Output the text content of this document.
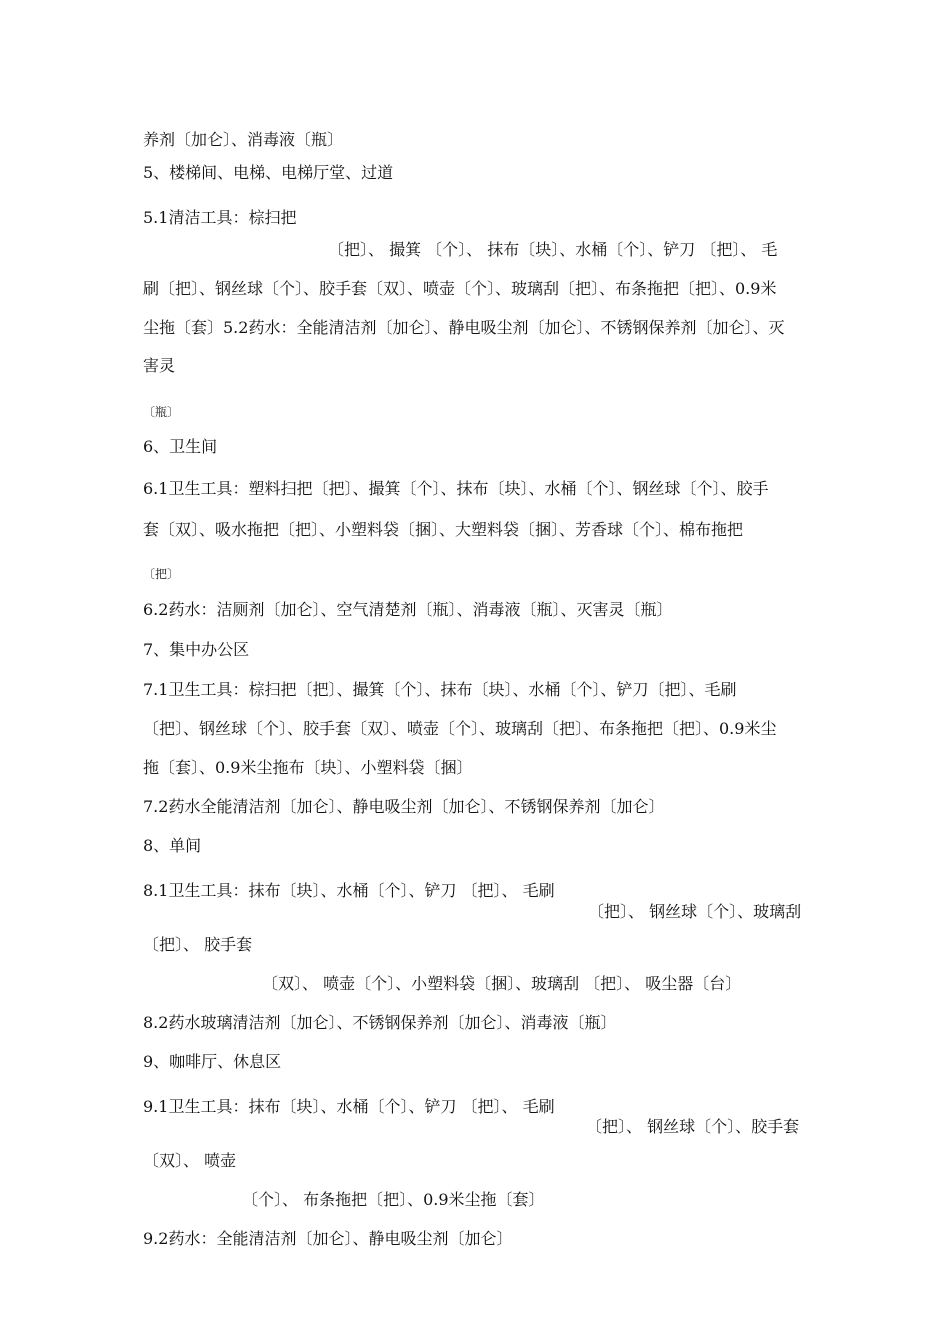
养剂〔加仑〕、消毒液〔瓶〕
5、楼梯间、电梯、电梯厅堂、过道
5.1清洁工具：棕扫把
〔把〕、 撮箕 〔个〕、 抹布〔块〕、水桶〔个〕、铲刀 〔把〕、 毛
刷〔把〕、钢丝球〔个〕、胶手套〔双〕、喷壶〔个〕、玻璃刮〔把〕、布条拖把〔把〕、0.9米
尘拖〔套〕5.2药水：全能清洁剂〔加仑〕、静电吸尘剂〔加仑〕、不锈钢保养剂〔加仑〕、灭
害灵
〔瓶〕
6、卫生间
6.1卫生工具：塑料扫把〔把〕、撮箕〔个〕、抹布〔块〕、水桶〔个〕、钢丝球〔个〕、胶手
套〔双〕、吸水拖把〔把〕、小塑料袋〔捆〕、大塑料袋〔捆〕、芳香球〔个〕、棉布拖把
〔把〕
6.2药水：洁厕剂〔加仑〕、空气清楚剂〔瓶〕、消毒液〔瓶〕、灭害灵〔瓶〕
7、集中办公区
7.1卫生工具：棕扫把〔把〕、撮箕〔个〕、抹布〔块〕、水桶〔个〕、铲刀〔把〕、毛刷
〔把〕、钢丝球〔个〕、胶手套〔双〕、喷壶〔个〕、玻璃刮〔把〕、布条拖把〔把〕、0.9米尘
拖〔套〕、0.9米尘拖布〔块〕、小塑料袋〔捆〕
7.2药水全能清洁剂〔加仑〕、静电吸尘剂〔加仑〕、不锈钢保养剂〔加仑〕
8、单间
8.1卫生工具：抹布〔块〕、水桶〔个〕、铲刀 〔把〕、 毛刷
〔把〕、 钢丝球〔个〕、玻璃刮
〔把〕、 胶手套
〔双〕、 喷壶〔个〕、小塑料袋〔捆〕、玻璃刮 〔把〕、 吸尘器〔台〕
8.2药水玻璃清洁剂〔加仑〕、不锈钢保养剂〔加仑〕、消毒液〔瓶〕
9、咖啡厅、休息区
9.1卫生工具：抹布〔块〕、水桶〔个〕、铲刀 〔把〕、 毛刷
〔把〕、 钢丝球〔个〕、胶手套
〔双〕、 喷壶
〔个〕、 布条拖把〔把〕、0.9米尘拖〔套〕
9.2药水：全能清洁剂〔加仑〕、静电吸尘剂〔加仑〕
